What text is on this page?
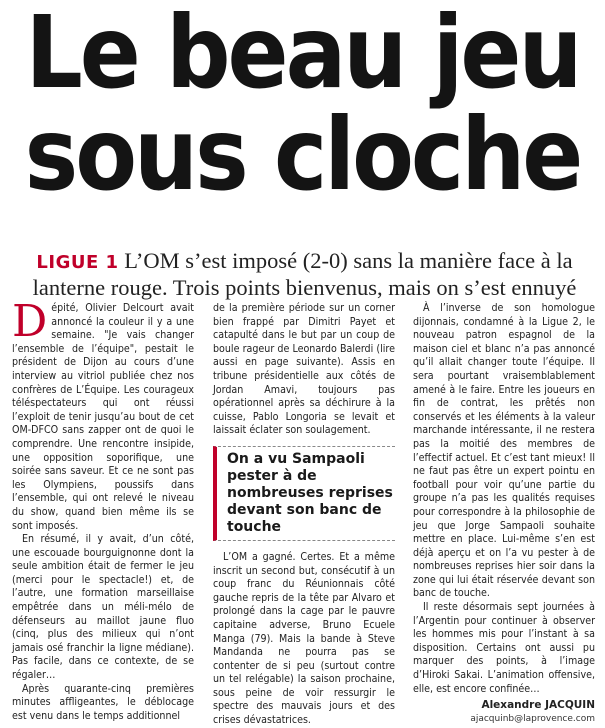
Le beau jeu
sous cloche

LIGUE 1 L’OM s’est imposé (2-0) sans la manière face à la lanterne rouge. Trois points bienvenus, mais on s’est ennuyé

Dépité, Olivier Delcourt avait annoncé la couleur il y a une semaine. "Je vais changer l’ensemble de l’équipe", pestait le président de Dijon au cours d’une interview au vitriol publiée chez nos confrères de L’Équipe. Les courageux téléspectateurs qui ont réussi l’exploit de tenir jusqu’au bout de cet OM-DFCO sans zapper ont de quoi le comprendre. Une rencontre insipide, une opposition soporifique, une soirée sans saveur. Et ce ne sont pas les Olympiens, poussifs dans l’ensemble, qui ont relevé le niveau du show, quand bien même ils se sont imposés.

En résumé, il y avait, d’un côté, une escouade bourguignonne dont la seule ambition était de fermer le jeu (merci pour le spectacle!) et, de l’autre, une formation marseillaise empêtrée dans un méli-mélo de défenseurs au maillot jaune fluo (cinq, plus des milieux qui n’ont jamais osé franchir la ligne médiane). Pas facile, dans ce contexte, de se régaler…

Après quarante-cinq premières minutes affligeantes, le déblocage est venu dans le temps additionnel

de la première période sur un corner bien frappé par Dimitri Payet et catapulté dans le but par un coup de boule rageur de Leonardo Balerdi (lire aussi en page suivante). Assis en tribune présidentielle aux côtés de Jordan Amavi, toujours pas opérationnel après sa déchirure à la cuisse, Pablo Longoria se levait et laissait éclater son soulagement.

On a vu Sampaoli pester à de nombreuses reprises devant son banc de touche

L’OM a gagné. Certes. Et a même inscrit un second but, consécutif à un coup franc du Réunionnais côté gauche repris de la tête par Alvaro et prolongé dans la cage par le pauvre capitaine adverse, Bruno Ecuele Manga (79). Mais la bande à Steve Mandanda ne pourra pas se contenter de si peu (surtout contre un tel relégable) la saison prochaine, sous peine de voir ressurgir le spectre des mauvais jours et des crises dévastatrices.

À l’inverse de son homologue dijonnais, condamné à la Ligue 2, le nouveau patron espagnol de la maison ciel et blanc n’a pas annoncé qu’il allait changer toute l’équipe. Il sera pourtant vraisemblablement amené à le faire. Entre les joueurs en fin de contrat, les prêtés non conservés et les éléments à la valeur marchande intéressante, il ne restera pas la moitié des membres de l’effectif actuel. Et c’est tant mieux! Il ne faut pas être un expert pointu en football pour voir qu’une partie du groupe n’a pas les qualités requises pour correspondre à la philosophie de jeu que Jorge Sampaoli souhaite mettre en place. Lui-même s’en est déjà aperçu et on l’a vu pester à de nombreuses reprises hier soir dans la zone qui lui était réservée devant son banc de touche.

Il reste désormais sept journées à l’Argentin pour continuer à observer les hommes mis pour l’instant à sa disposition. Certains ont aussi pu marquer des points, à l’image d’Hiroki Sakai. L’animation offensive, elle, est encore confinée…

Alexandre JACQUIN
ajacquinb@laprovence.com
